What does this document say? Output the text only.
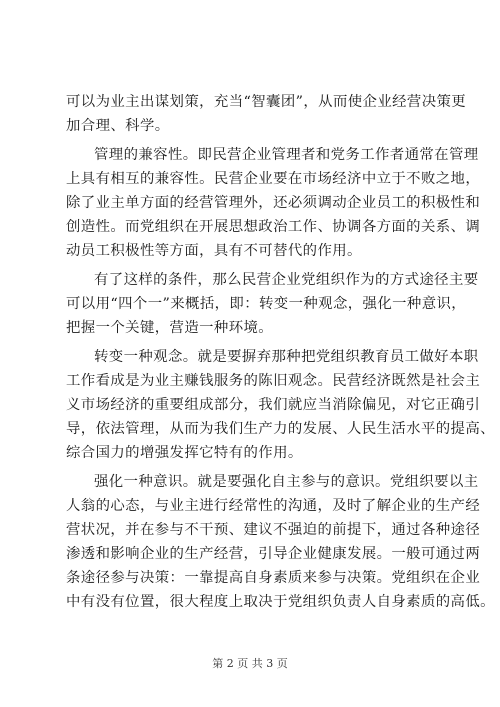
可以为业主出谋划策，充当“智囊团”，从而使企业经营决策更
加合理、科学。

管理的兼容性。即民营企业管理者和党务工作者通常在管理
上具有相互的兼容性。民营企业要在市场经济中立于不败之地，
除了业主单方面的经营管理外，还必须调动企业员工的积极性和
创造性。而党组织在开展思想政治工作、协调各方面的关系、调
动员工积极性等方面，具有不可替代的作用。

有了这样的条件，那么民营企业党组织作为的方式途径主要
可以用“四个一”来概括，即：转变一种观念，强化一种意识，
把握一个关键，营造一种环境。

转变一种观念。就是要摒弃那种把党组织教育员工做好本职
工作看成是为业主赚钱服务的陈旧观念。民营经济既然是社会主
义市场经济的重要组成部分，我们就应当消除偏见，对它正确引
导，依法管理，从而为我们生产力的发展、人民生活水平的提高、
综合国力的增强发挥它特有的作用。

强化一种意识。就是要强化自主参与的意识。党组织要以主
人翁的心态，与业主进行经常性的沟通，及时了解企业的生产经
营状况，并在参与不干预、建议不强迫的前提下，通过各种途径
渗透和影响企业的生产经营，引导企业健康发展。一般可通过两
条途径参与决策：一靠提高自身素质来参与决策。党组织在企业
中有没有位置，很大程度上取决于党组织负责人自身素质的高低。

第 2 页 共 3 页
